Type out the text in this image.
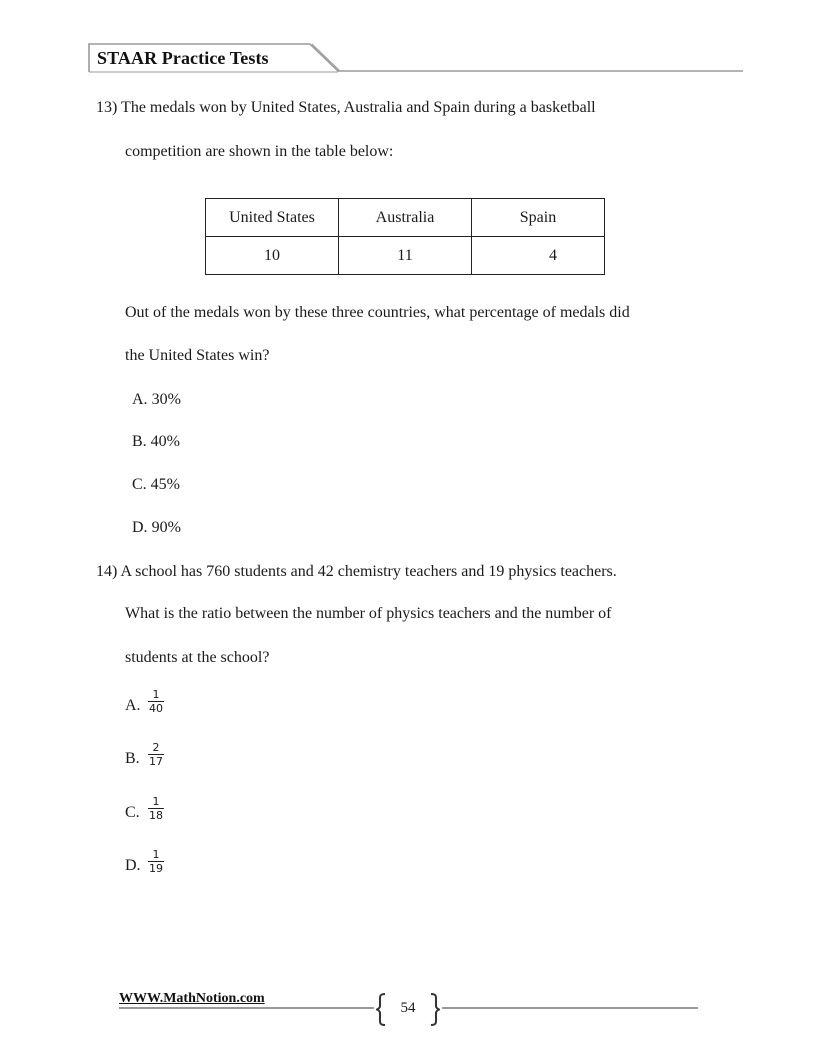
STAAR Practice Tests
13) The medals won by United States, Australia and Spain during a basketball
competition are shown in the table below:
United States	Australia	Spain
10	11	4
Out of the medals won by these three countries, what percentage of medals did
the United States win?
A. 30%
B. 40%
C. 45%
D. 90%
14) A school has 760 students and 42 chemistry teachers and 19 physics teachers.
What is the ratio between the number of physics teachers and the number of
students at the school?
A. $\frac{1}{40}$
B. $\frac{2}{17}$
C. $\frac{1}{18}$
D. $\frac{1}{19}$
WWW.MathNotion.com
54
